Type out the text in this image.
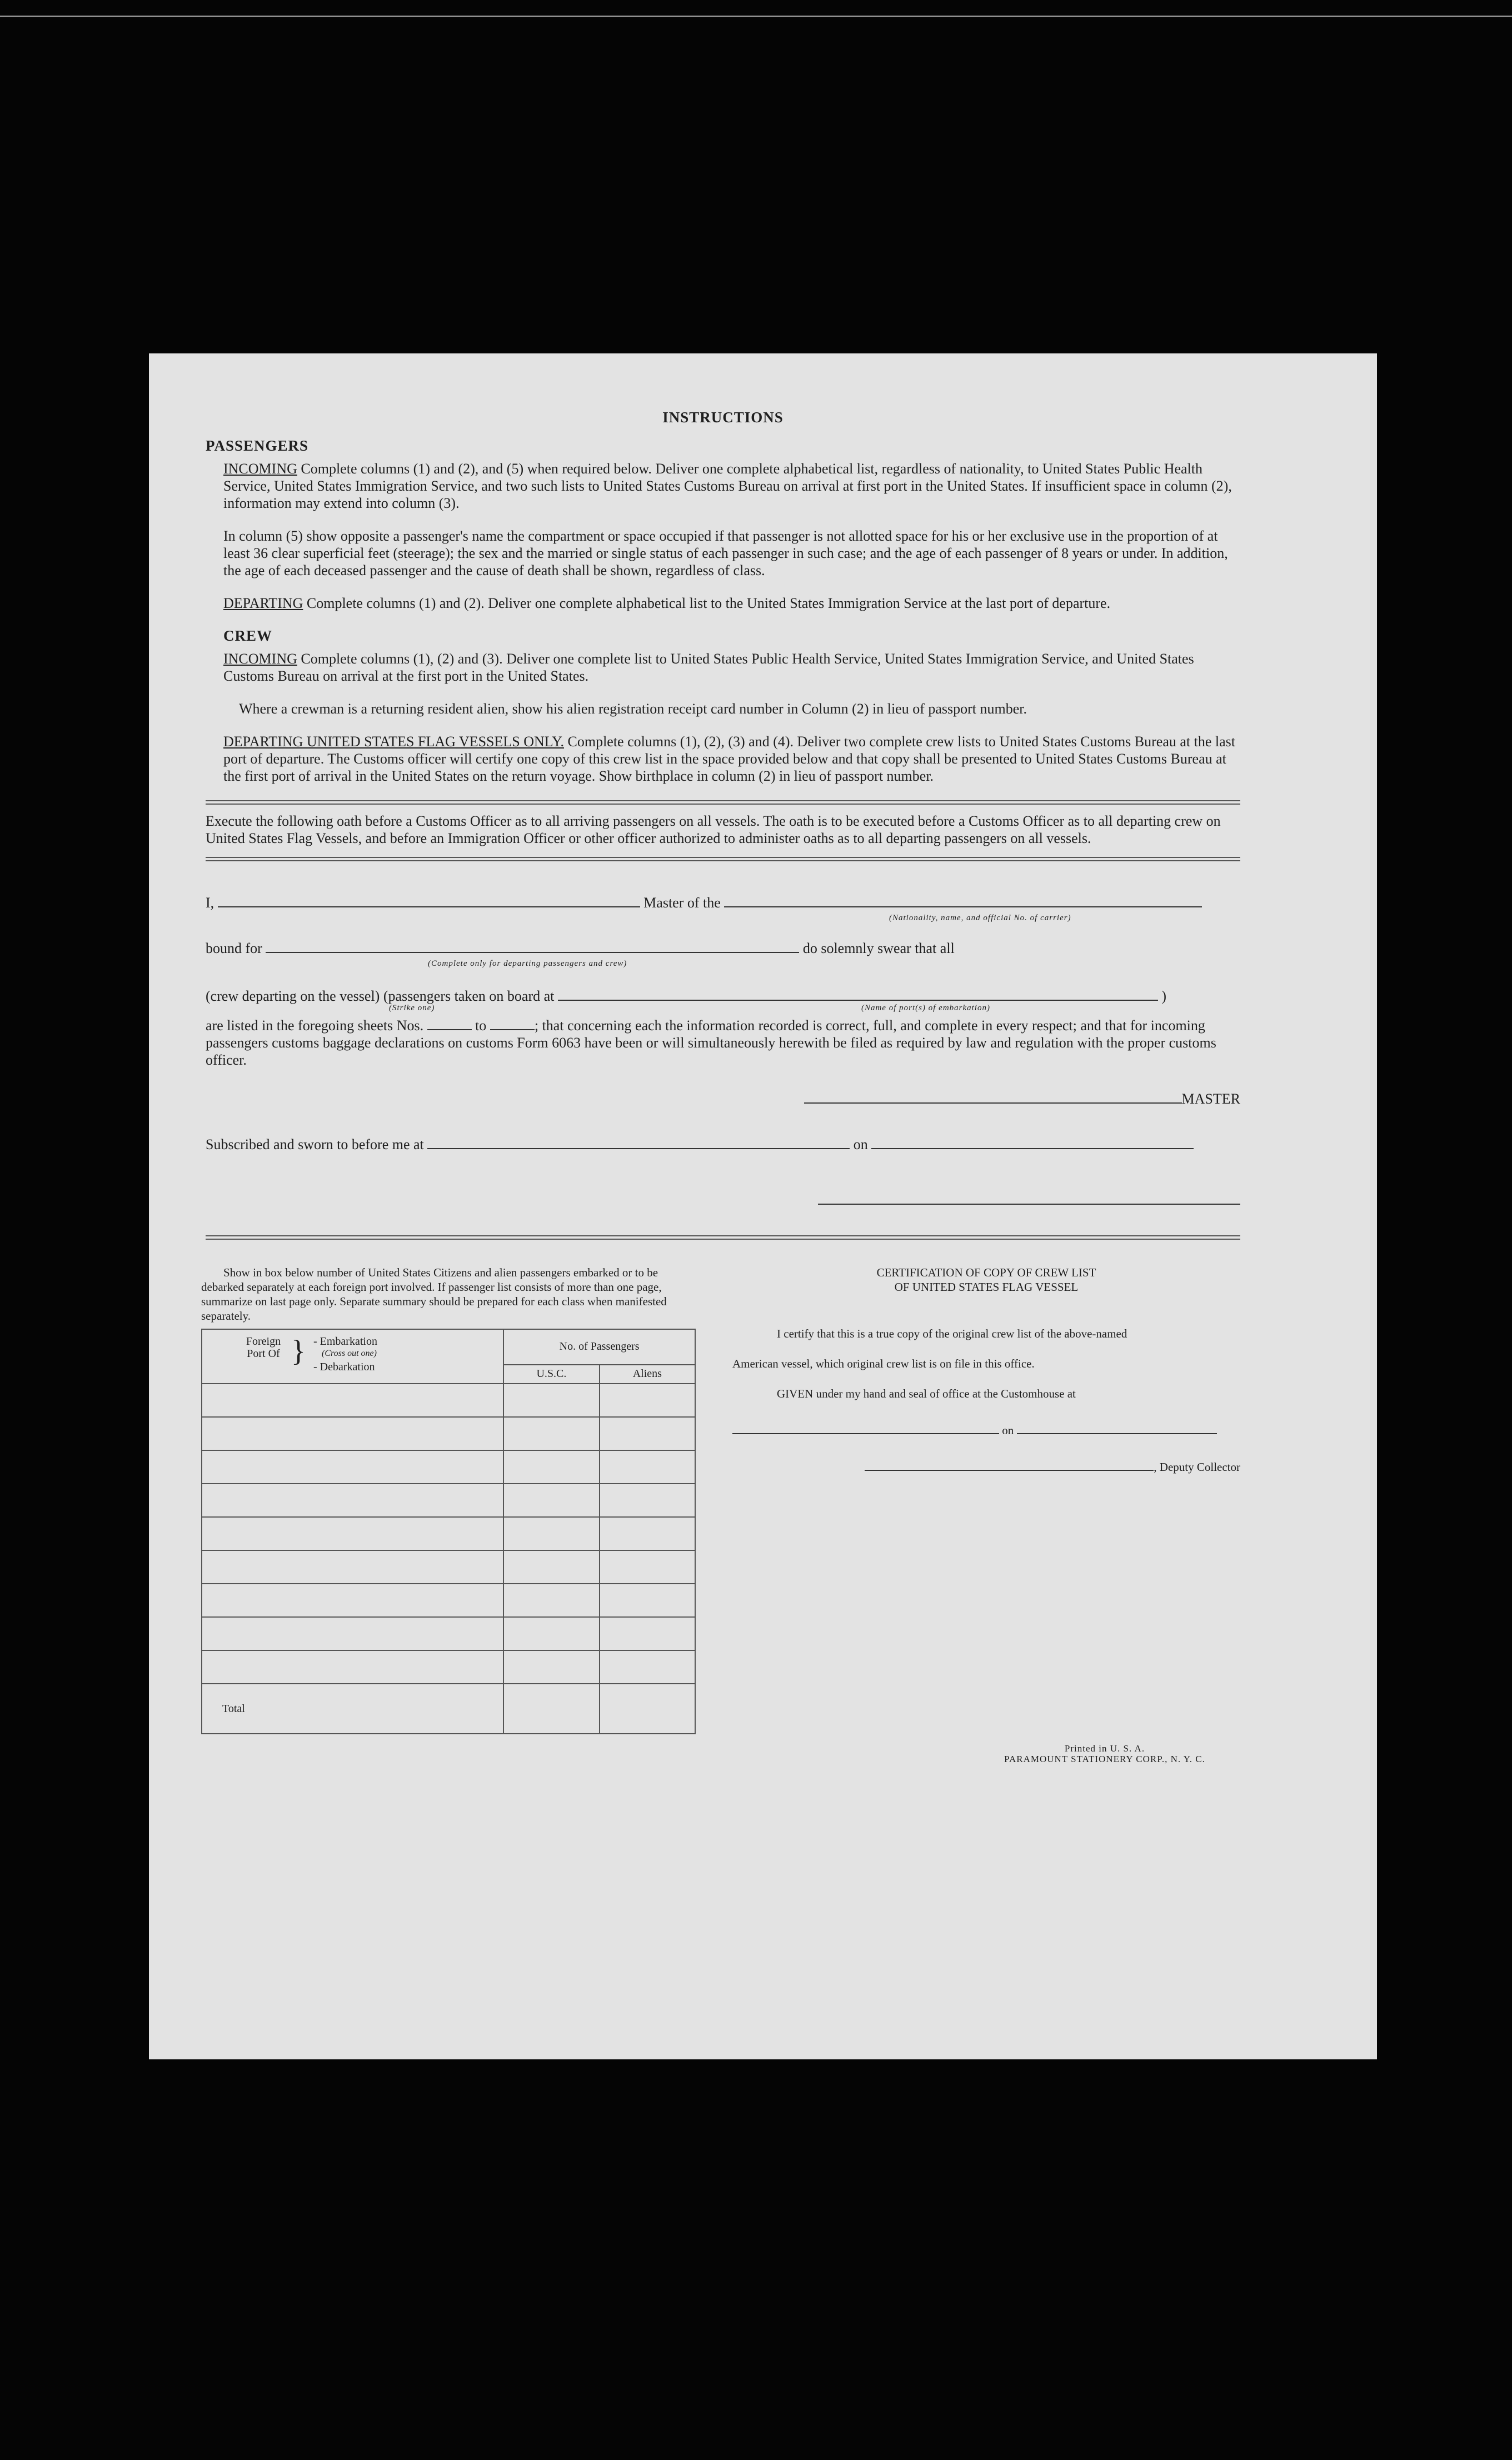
INSTRUCTIONS
PASSENGERS

INCOMING Complete columns (1) and (2), and (5) when required below. Deliver one complete alphabetical list, regardless of nationality, to United States Public Health Service, United States Immigration Service, and two such lists to United States Customs Bureau on arrival at first port in the United States. If insufficient space in column (2), information may extend into column (3).

In column (5) show opposite a passenger's name the compartment or space occupied if that passenger is not allotted space for his or her exclusive use in the proportion of at least 36 clear superficial feet (steerage); the sex and the married or single status of each passenger in such case; and the age of each passenger of 8 years or under. In addition, the age of each deceased passenger and the cause of death shall be shown, regardless of class.

DEPARTING Complete columns (1) and (2). Deliver one complete alphabetical list to the United States Immigration Service at the last port of departure.

CREW

INCOMING Complete columns (1), (2) and (3). Deliver one complete list to United States Public Health Service, United States Immigration Service, and United States Customs Bureau on arrival at the first port in the United States.

Where a crewman is a returning resident alien, show his alien registration receipt card number in Column (2) in lieu of passport number.

DEPARTING UNITED STATES FLAG VESSELS ONLY. Complete columns (1), (2), (3) and (4). Deliver two complete crew lists to United States Customs Bureau at the last port of departure. The Customs officer will certify one copy of this crew list in the space provided below and that copy shall be presented to United States Customs Bureau at the first port of arrival in the United States on the return voyage. Show birthplace in column (2) in lieu of passport number.

Execute the following oath before a Customs Officer as to all arriving passengers on all vessels. The oath is to be executed before a Customs Officer as to all departing crew on United States Flag Vessels, and before an Immigration Officer or other officer authorized to administer oaths as to all departing passengers on all vessels.

I,	Master of the
(Nationality, name, and official No. of carrier)
bound for	do solemnly swear that all
(Complete only for departing passengers and crew)
(crew departing on the vessel) (passengers taken on board at	)
(Strike one)	(Name of port(s) of embarkation)

are listed in the foregoing sheets Nos.	to	; that concerning each the information recorded is correct, full, and complete in every respect; and that for incoming passengers customs baggage declarations on customs Form 6063 have been or will simultaneously herewith be filed as required by law and regulation with the proper customs officer.

MASTER
Subscribed and sworn to before me at	on

Show in box below number of United States Citizens and alien passengers embarked or to be debarked separately at each foreign port involved. If passenger list consists of more than one page, summarize on last page only. Separate summary should be prepared for each class when manifested separately.

Foreign Port Of } - Embarkation
(Cross out one)
- Debarkation	No. of Passengers	
	U.S.C.	Aliens

Total		
CERTIFICATION OF COPY OF CREW LIST
OF UNITED STATES FLAG VESSEL
I certify that this is a true copy of the original crew list of the above-named
American vessel, which original crew list is on file in this office.
GIVEN under my hand and seal of office at the Customhouse at
on
, Deputy Collector
Printed in U. S. A.
PARAMOUNT STATIONERY CORP., N. Y. C.
